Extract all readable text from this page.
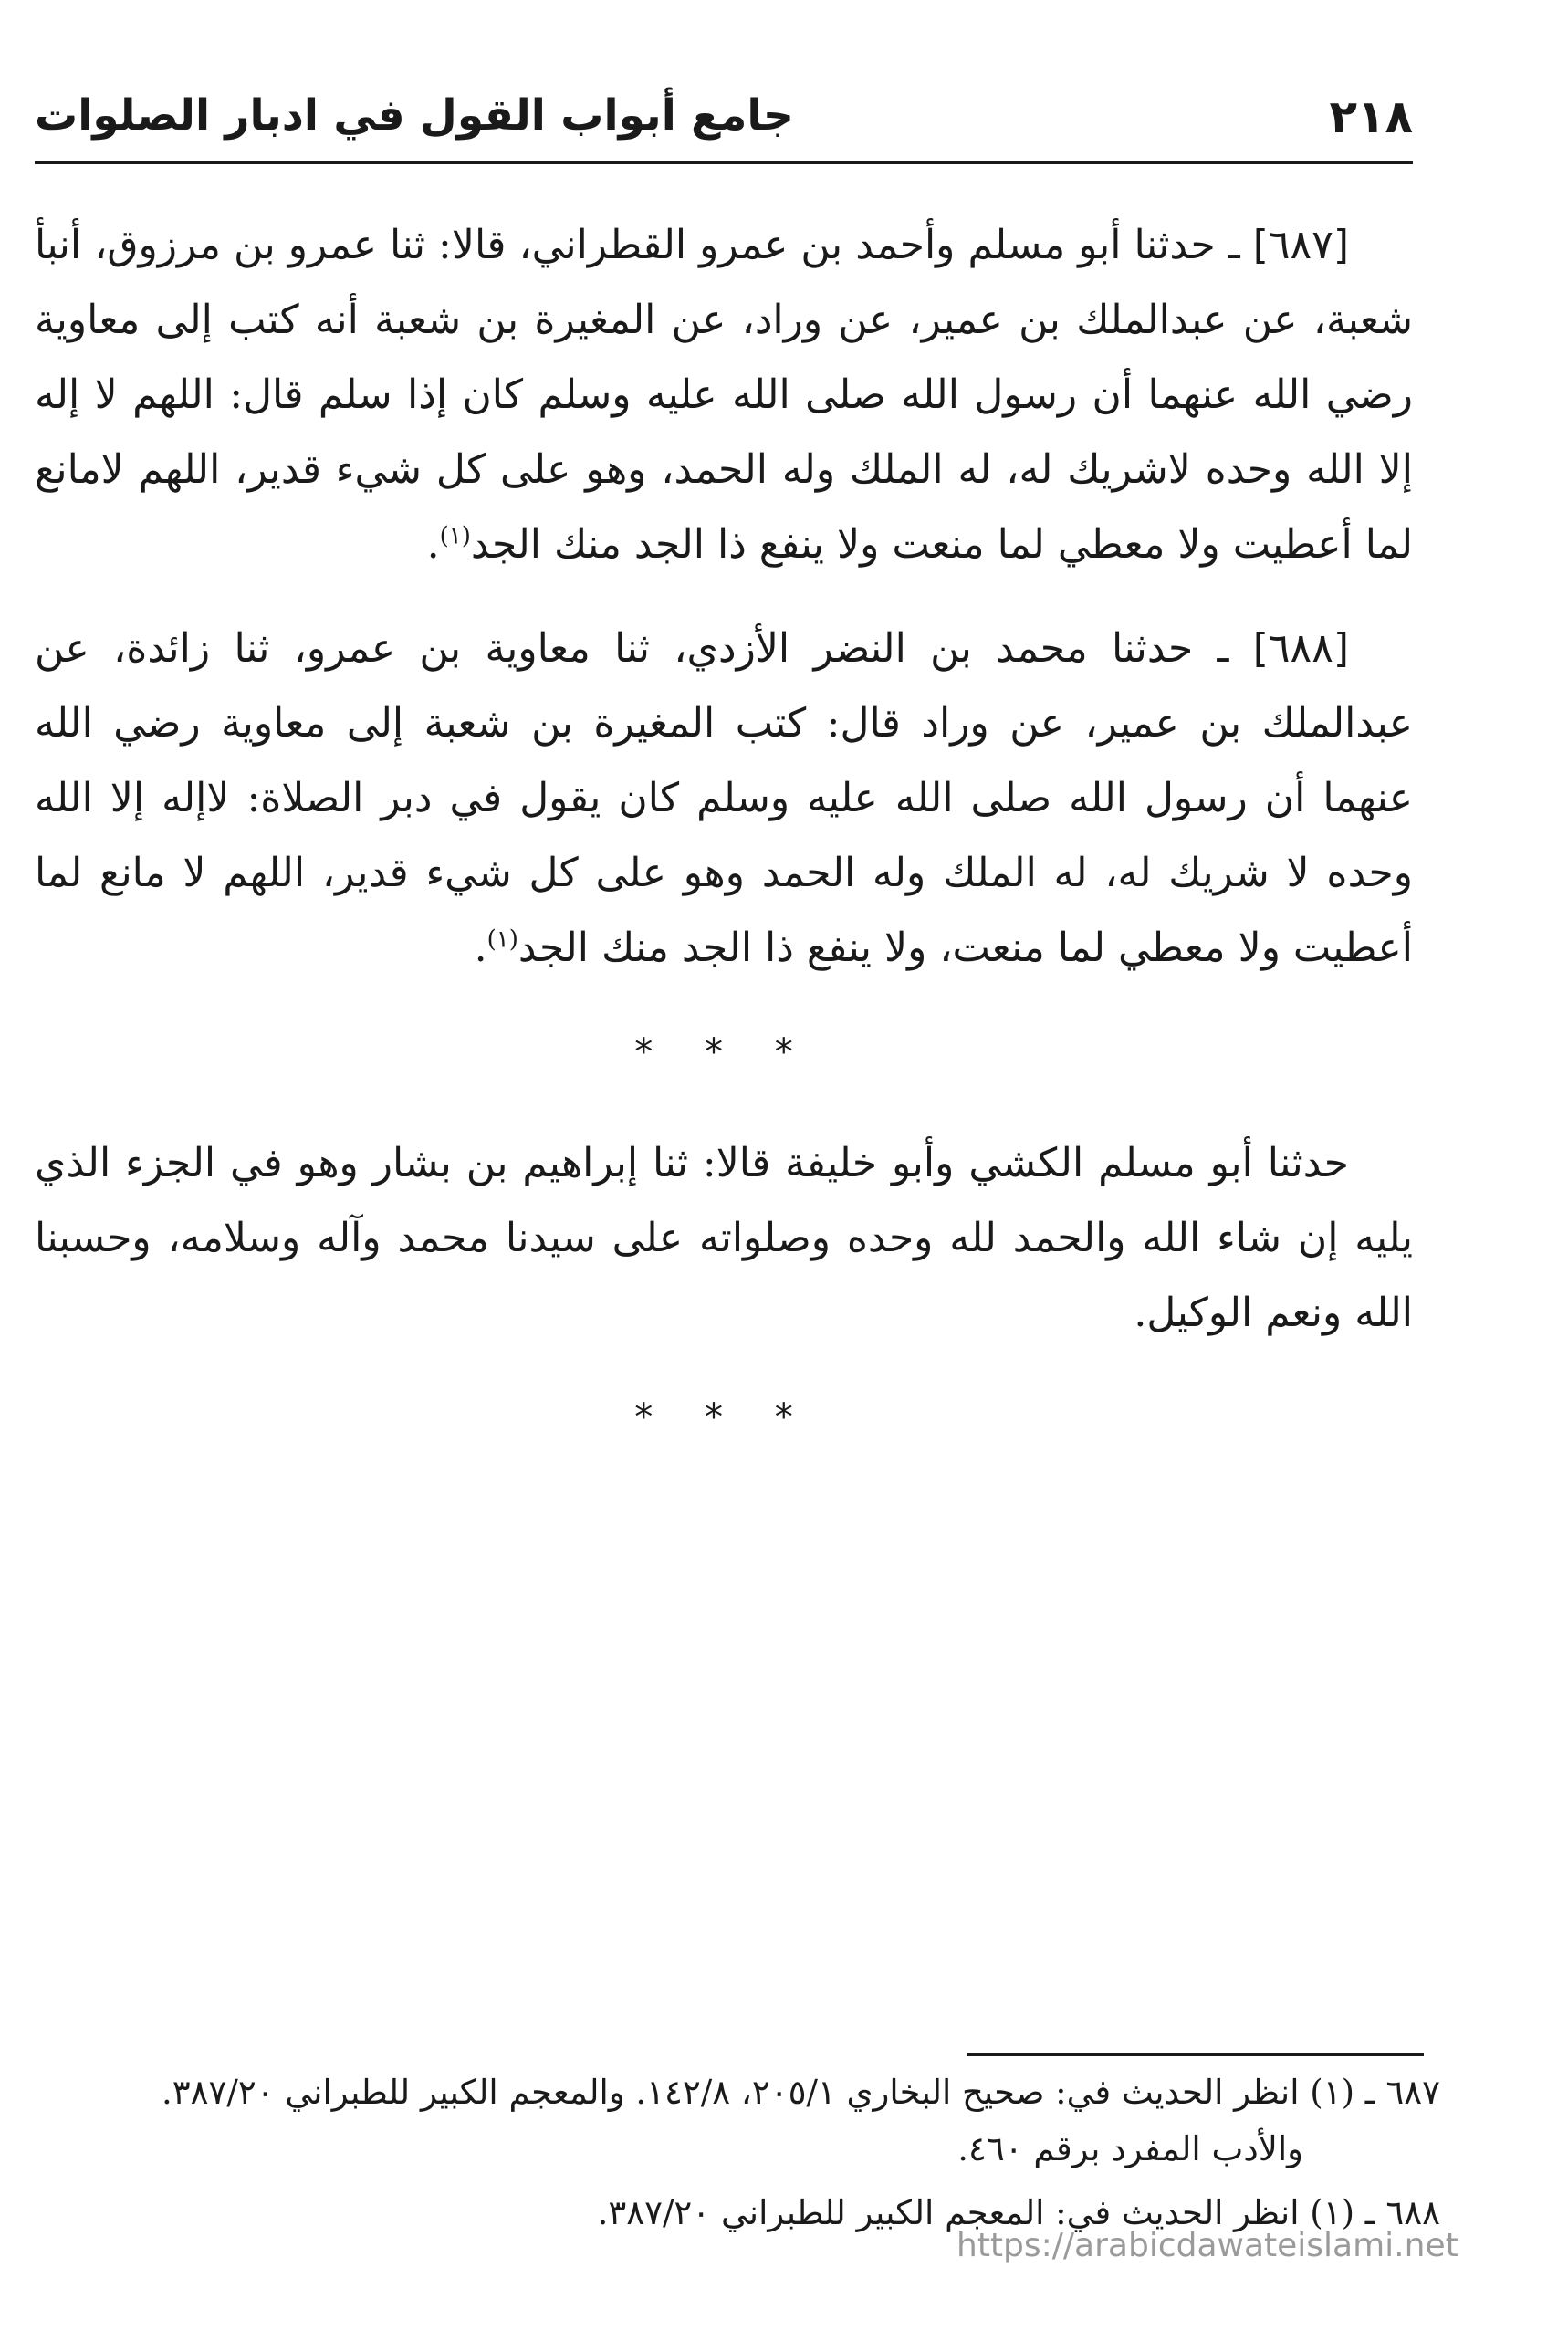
٢١٨
جامع أبواب القول في ادبار الصلوات

[٦٨٧] ـ حدثنا أبو مسلم وأحمد بن عمرو القطراني، قالا: ثنا عمرو بن مرزوق، أنبأ شعبة، عن عبدالملك بن عمير، عن وراد، عن المغيرة بن شعبة أنه كتب إلى معاوية رضي الله عنهما أن رسول الله صلى الله عليه وسلم كان إذا سلم قال: اللهم لا إله إلا الله وحده لاشريك له، له الملك وله الحمد، وهو على كل شيء قدير، اللهم لامانع لما أعطيت ولا معطي لما منعت ولا ينفع ذا الجد منك الجد$^{(١)}$.

[٦٨٨] ـ حدثنا محمد بن النضر الأزدي، ثنا معاوية بن عمرو، ثنا زائدة، عن عبدالملك بن عمير، عن وراد قال: كتب المغيرة بن شعبة إلى معاوية رضي الله عنهما أن رسول الله صلى الله عليه وسلم كان يقول في دبر الصلاة: لاإله إلا الله وحده لا شريك له، له الملك وله الحمد وهو على كل شيء قدير، اللهم لا مانع لما أعطيت ولا معطي لما منعت، ولا ينفع ذا الجد منك الجد$^{(١)}$.

* * *

حدثنا أبو مسلم الكشي وأبو خليفة قالا: ثنا إبراهيم بن بشار وهو في الجزء الذي يليه إن شاء الله والحمد لله وحده وصلواته على سيدنا محمد وآله وسلامه، وحسبنا الله ونعم الوكيل.

* * *

٦٨٧ ـ (١) انظر الحديث في: صحيح البخاري ٢٠٥/١، ١٤٢/٨. والمعجم الكبير للطبراني ٣٨٧/٢٠.
والأدب المفرد برقم ٤٦٠.

٦٨٨ ـ (١) انظر الحديث في: المعجم الكبير للطبراني ٣٨٧/٢٠.

https://arabicdawateislami.net
